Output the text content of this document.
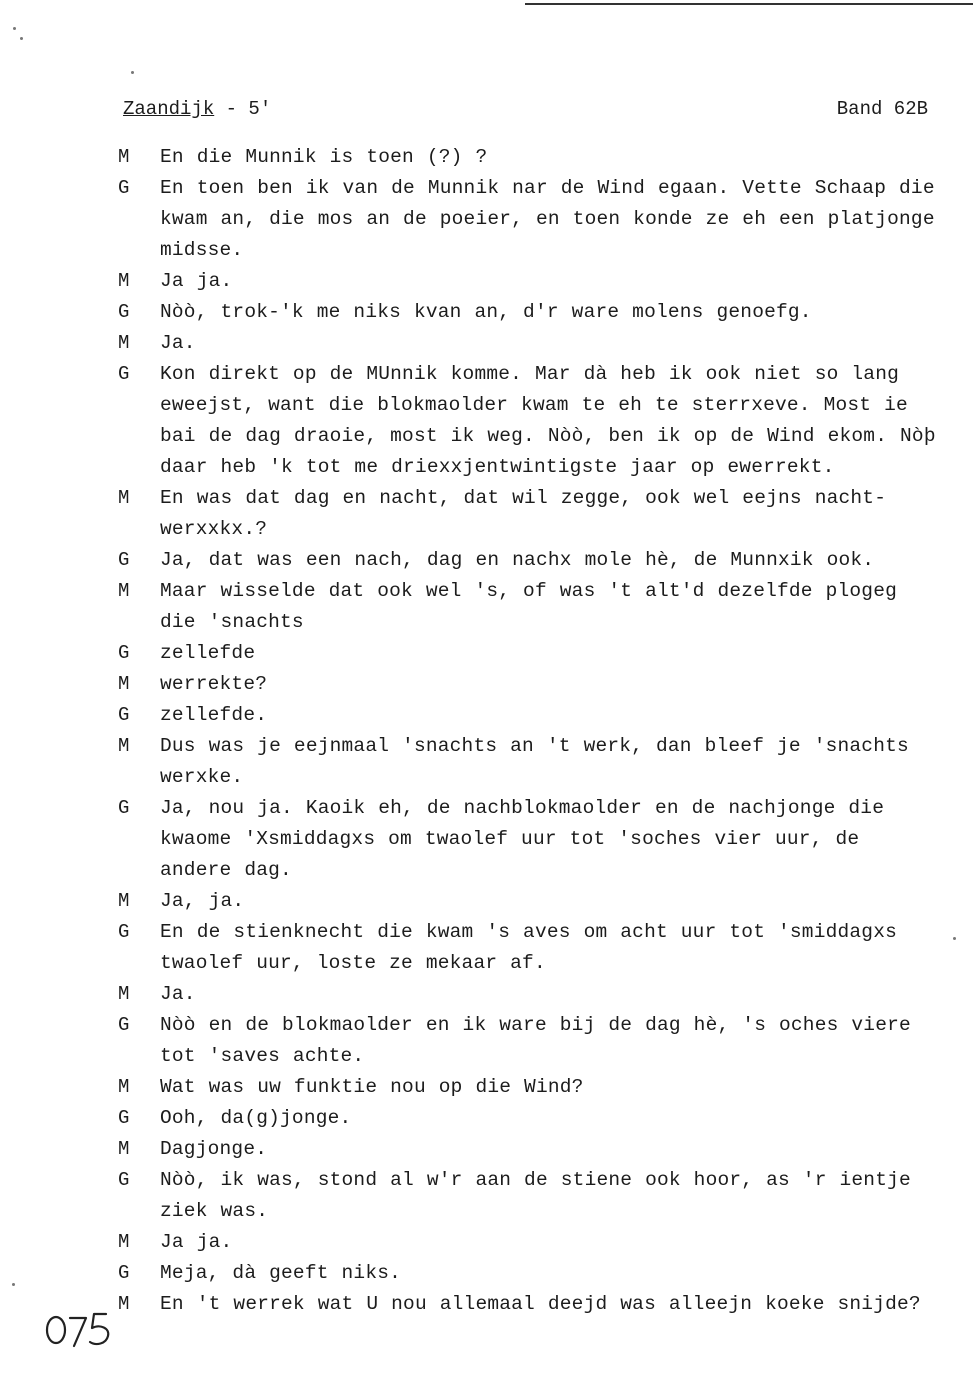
Zaandijk - 5'	Band 62B
M	En die Munnik is toen (?) ?
G	En toen ben ik van de Munnik nar de Wind egaan. Vette Schaap die kwam an, die mos an de poeier, en toen konde ze eh een platjonge midsse.
M	Ja ja.
G	Nòò, trok-'k me niks kvan an, d'r ware molens genoefg.
M	Ja.
G	Kon direkt op de MUnnik komme. Mar dà heb ik ook niet so lang eweejst, want die blokmaolder kwam te eh te sterrxeve. Most ie bai de dag draoie, most ik weg. Nòò, ben ik op de Wind ekom. Nòþ daar heb 'k tot me driexxjentwintigste jaar op ewerrekt.
M	En was dat dag en nacht, dat wil zegge, ook wel eejns nacht-werxxkx.?
G	Ja, dat was een nach, dag en nachx mole hè, de Munnxik ook.
M	Maar wisselde dat ook wel 's, of was 't alt'd dezelfde plogeg die 'snachts
G	zellefde
M	werrekte?
G	zellefde.
M	Dus was je eejnmaal 'snachts an 't werk, dan bleef je 'snachts werxke.
G	Ja, nou ja. Kaoik eh, de nachblokmaolder en de nachjonge die kwaome 'Xsmiddagxs om twaolef uur tot 'soches vier uur, de andere dag.
M	Ja, ja.
G	En de stienknecht die kwam 's aves om acht uur tot 'smiddagxs twaolef uur, loste ze mekaar af.
M	Ja.
G	Nòò en de blokmaolder en ik ware bij de dag hè, 's oches viere tot 'saves achte.
M	Wat was uw funktie nou op die Wind?
G	Ooh, da(g)jonge.
M	Dagjonge.
G	Nòò, ik was, stond al w'r aan de stiene ook hoor, as 'r ientje ziek was.
M	Ja ja.
G	Meja, dà geeft niks.
M	En 't werrek wat U nou allemaal deejd was alleejn koeke snijde?
